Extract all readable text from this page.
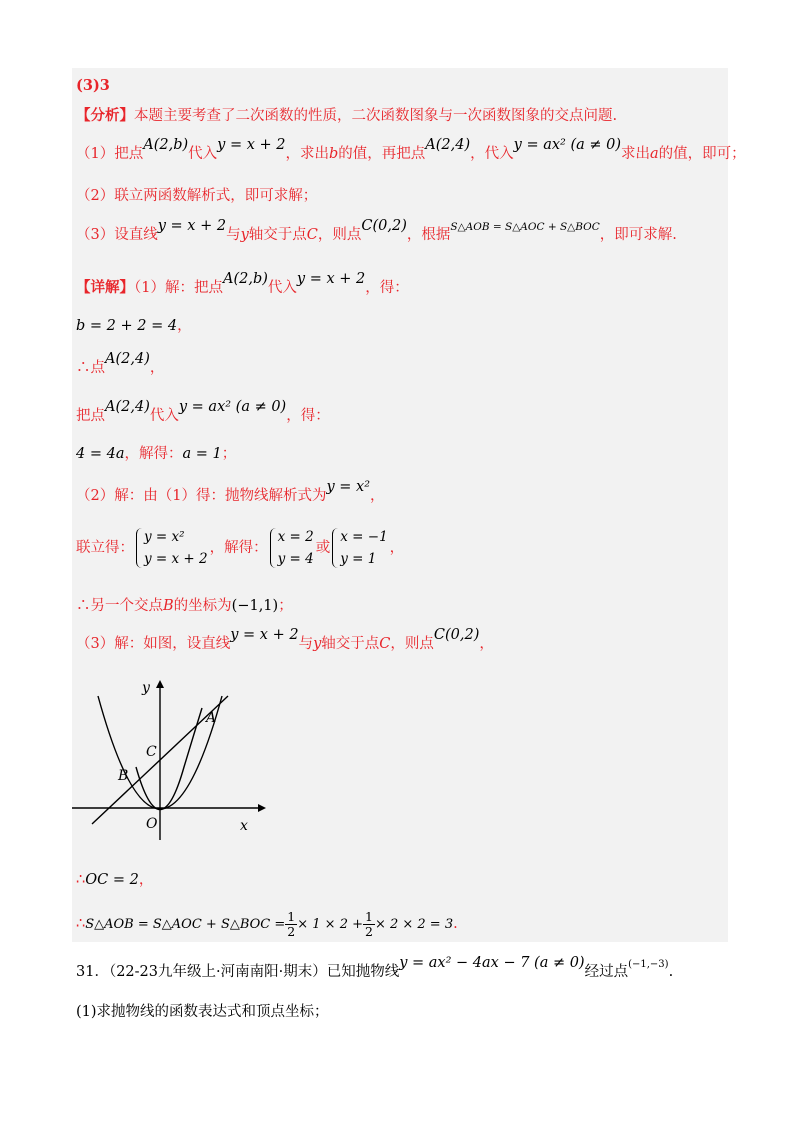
(3)3
【分析】本题主要考查了二次函数的性质，二次函数图象与一次函数图象的交点问题.
（1）把点A(2,b)代入y = x + 2，求出b的值，再把点A(2,4)，代入y = ax² (a ≠ 0)求出a的值，即可；
（2）联立两函数解析式，即可求解；
（3）设直线y = x + 2与y轴交于点C，则点C(0,2)，根据$^{S\triangle AOB = S\triangle AOC + S\triangle BOC}$，即可求解.
【详解】（1）解：把点A(2,b)代入y = x + 2，得：
b = 2 + 2 = 4，
∴点A(2,4)，
把点A(2,4)代入y = ax² (a ≠ 0)，得：
4 = 4a，解得：a = 1；
（2）解：由（1）得：抛物线解析式为y = x²，
联立得：
y = x²
y = x + 2
，解得：
x = 2
y = 4
或
x = −1
y = 1
，
∴另一个交点B的坐标为(−1,1)；
（3）解：如图，设直线y = x + 2与y轴交于点C，则点C(0,2)，
y
x
A
B
C
O
∴OC = 2，
∴S△AOB = S△AOC + S△BOC = $\frac{1}{2} \times 1 \times 2 + \frac{1}{2} \times 2 \times 2 = 3$.
31．（22-23九年级上·河南南阳·期末）已知抛物线y = ax² − 4ax − 7 (a ≠ 0)经过点$^{(-1,-3)}$.
(1)求抛物线的函数表达式和顶点坐标；
